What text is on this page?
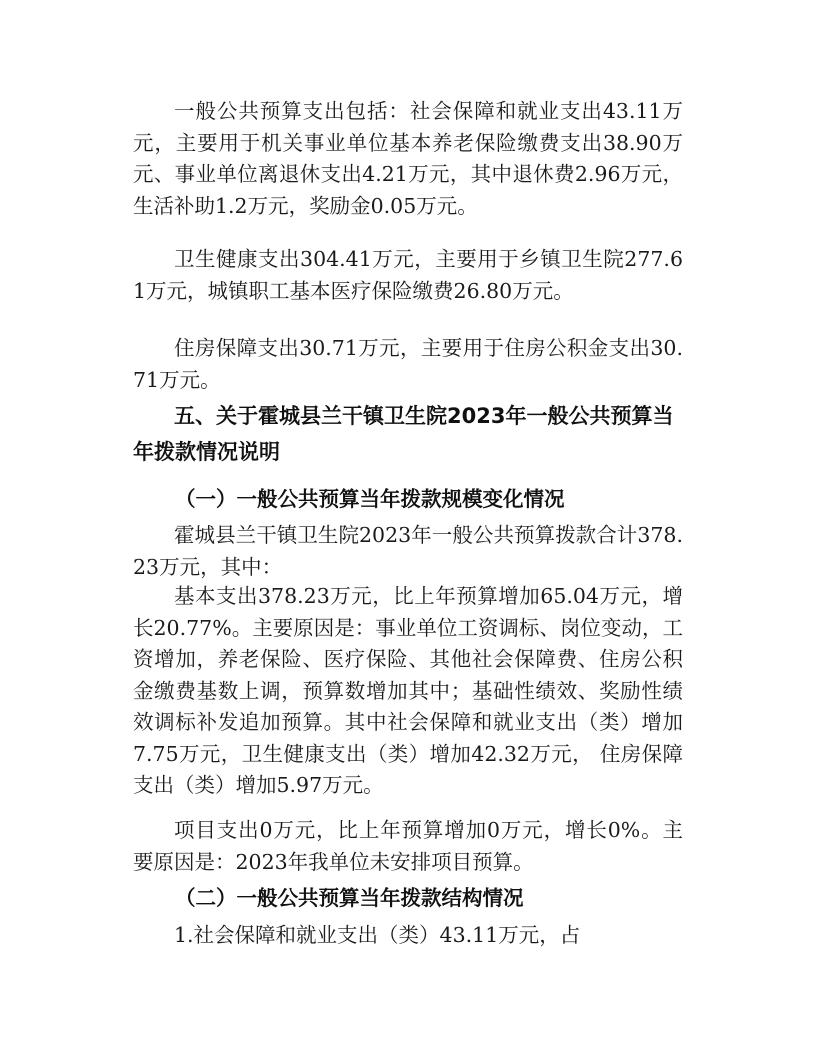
一般公共预算支出包括：社会保障和就业支出43.11万元，主要用于机关事业单位基本养老保险缴费支出38.90万元、事业单位离退休支出4.21万元，其中退休费2.96万元，生活补助1.2万元，奖励金0.05万元。
卫生健康支出304.41万元，主要用于乡镇卫生院277.61万元，城镇职工基本医疗保险缴费26.80万元。
住房保障支出30.71万元，主要用于住房公积金支出30.71万元。
五、关于霍城县兰干镇卫生院2023年一般公共预算当年拨款情况说明
（一）一般公共预算当年拨款规模变化情况
霍城县兰干镇卫生院2023年一般公共预算拨款合计378.23万元，其中：
基本支出378.23万元，比上年预算增加65.04万元，增长20.77%。主要原因是：事业单位工资调标、岗位变动，工资增加，养老保险、医疗保险、其他社会保障费、住房公积金缴费基数上调，预算数增加其中；基础性绩效、奖励性绩效调标补发追加预算。其中社会保障和就业支出（类）增加7.75万元，卫生健康支出（类）增加42.32万元， 住房保障支出（类）增加5.97万元。
项目支出0万元，比上年预算增加0万元，增长0%。主要原因是：2023年我单位未安排项目预算。
（二）一般公共预算当年拨款结构情况
1.社会保障和就业支出（类）43.11万元，占
